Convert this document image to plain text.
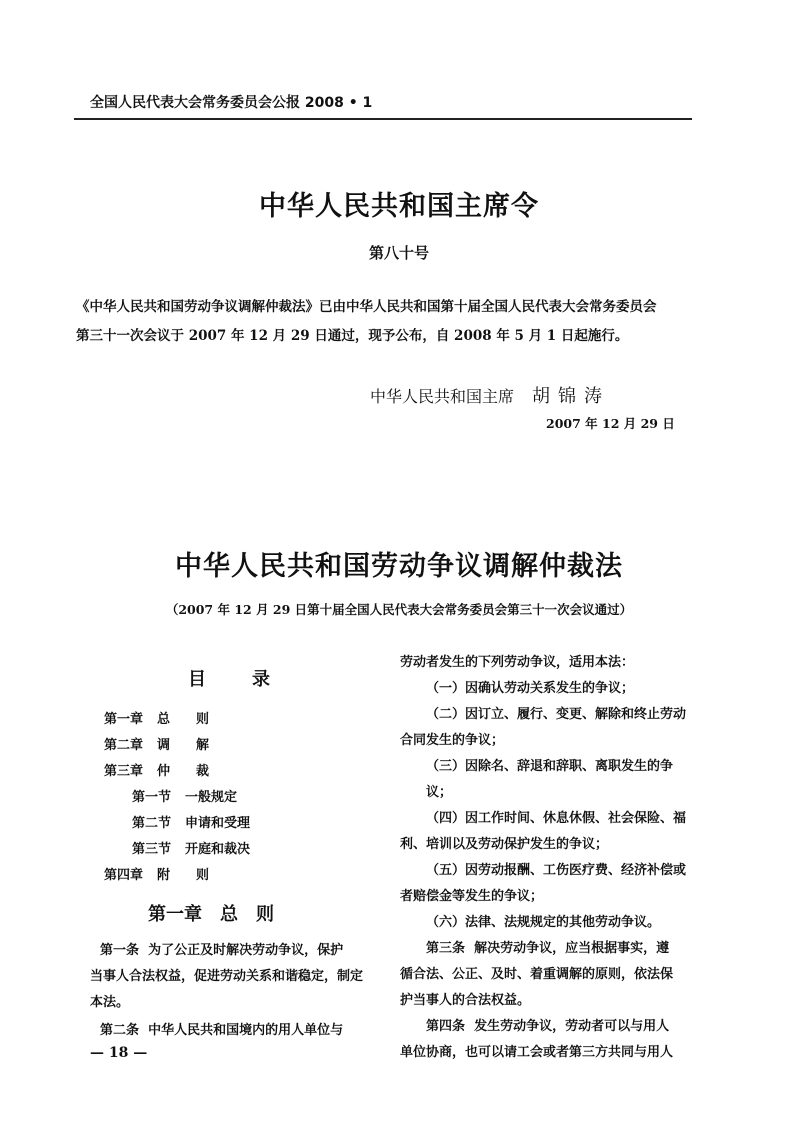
全国人民代表大会常务委员会公报 2008 • 1
中华人民共和国主席令
第八十号
《中华人民共和国劳动争议调解仲裁法》已由中华人民共和国第十届全国人民代表大会常务委员会
第三十一次会议于 2007 年 12 月 29 日通过，现予公布，自 2008 年 5 月 1 日起施行。
中华人民共和国主席 胡锦涛
2007 年 12 月 29 日
中华人民共和国劳动争议调解仲裁法
（2007 年 12 月 29 日第十届全国人民代表大会常务委员会第三十一次会议通过）
目	录
第一章 总　　则
第二章 调　　解
第三章 仲　　裁
第一节 一般规定
第二节 申请和受理
第三节 开庭和裁决
第四章 附　　则
第一章 总 则
第一条 为了公正及时解决劳动争议，保护
当事人合法权益，促进劳动关系和谐稳定，制定
本法。
第二条 中华人民共和国境内的用人单位与
劳动者发生的下列劳动争议，适用本法：
（一）因确认劳动关系发生的争议；
（二）因订立、履行、变更、解除和终止劳动
合同发生的争议；
（三）因除名、辞退和辞职、离职发生的争议；
（四）因工作时间、休息休假、社会保险、福
利、培训以及劳动保护发生的争议；
（五）因劳动报酬、工伤医疗费、经济补偿或
者赔偿金等发生的争议；
（六）法律、法规规定的其他劳动争议。
第三条 解决劳动争议，应当根据事实，遵
循合法、公正、及时、着重调解的原则，依法保
护当事人的合法权益。
第四条 发生劳动争议，劳动者可以与用人
单位协商，也可以请工会或者第三方共同与用人
— 18 —
